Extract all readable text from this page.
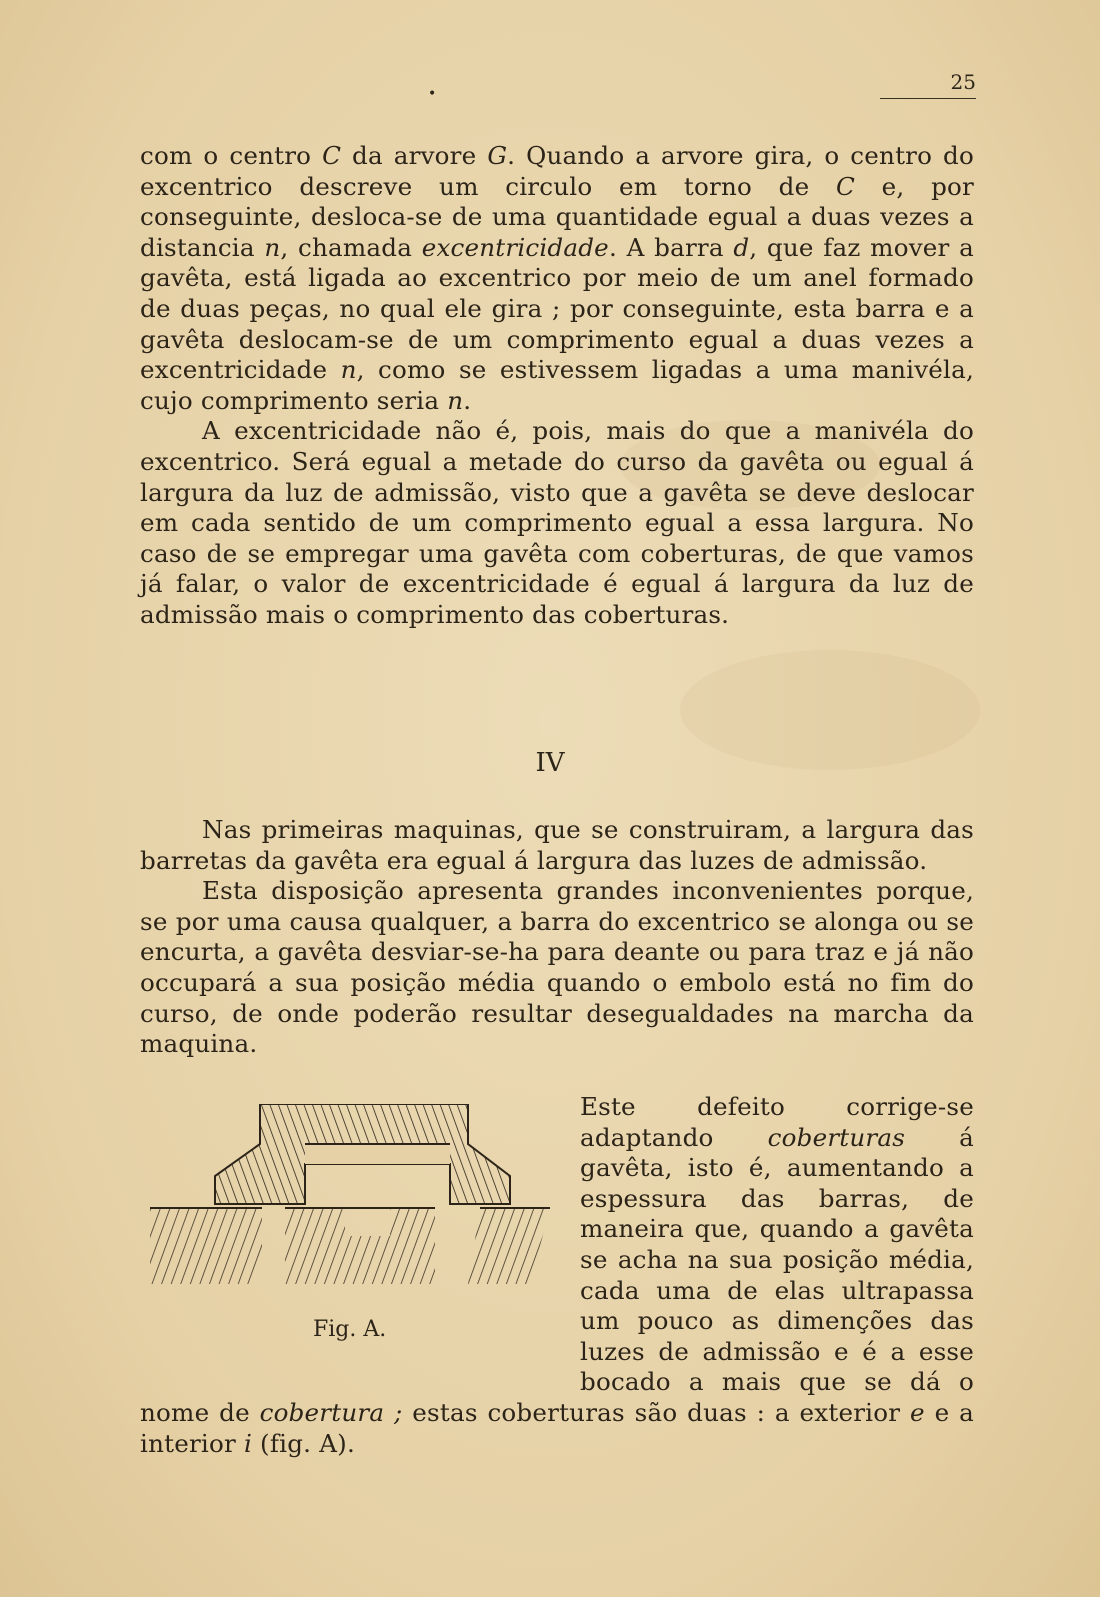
•	25

com o centro C da arvore G. Quando a arvore gira, o centro do excentrico descreve um circulo em torno de C e, por conseguinte, desloca-se de uma quantidade egual a duas vezes a distancia n, chamada excentricidade. A barra d, que faz mover a gavêta, está ligada ao excentrico por meio de um anel formado de duas peças, no qual ele gira ; por conseguinte, esta barra e a gavêta deslocam-se de um comprimento egual a duas vezes a excentricidade n, como se estivessem ligadas a uma manivéla, cujo comprimento seria n.

A excentricidade não é, pois, mais do que a manivéla do excentrico. Será egual a metade do curso da gavêta ou egual á largura da luz de admissão, visto que a gavêta se deve deslocar em cada sentido de um comprimento egual a essa largura. No caso de se empregar uma gavêta com coberturas, de que vamos já falar, o valor de excentricidade é egual á largura da luz de admissão mais o comprimento das coberturas.

IV

Nas primeiras maquinas, que se construiram, a largura das barretas da gavêta era egual á largura das luzes de admissão.

Esta disposição apresenta grandes inconvenientes porque, se por uma causa qualquer, a barra do excentrico se alonga ou se encurta, a gavêta desviar-se-ha para deante ou para traz e já não occupará a sua posição média quando o embolo está no fim do curso, de onde poderão resultar desegualdades na marcha da maquina.

Este defeito corrige-se adaptando coberturas á gavêta, isto é, aumentando a espessura das barras, de maneira que, quando a gavêta se acha na sua posição média, cada uma de elas ultrapassa um pouco as dimenções das luzes de admissão e é a esse bocado a mais que se dá o nome de cobertura ; estas coberturas são duas : a exterior e e a interior i (fig. A).

Fig. A.
